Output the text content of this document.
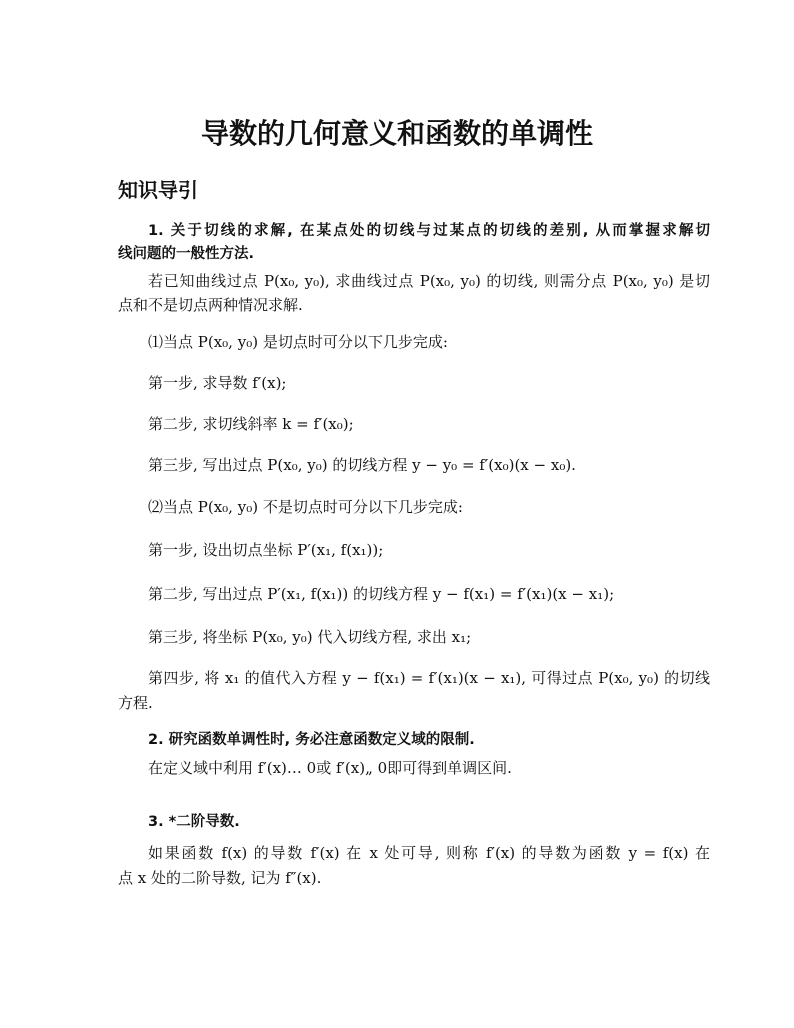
导数的几何意义和函数的单调性
知识导引

1. 关于切线的求解, 在某点处的切线与过某点的切线的差别, 从而掌握求解切

线问题的一般性方法.

若已知曲线过点 P(x₀, y₀), 求曲线过点 P(x₀, y₀) 的切线, 则需分点 P(x₀, y₀) 是切

点和不是切点两种情况求解.

⑴当点 P(x₀, y₀) 是切点时可分以下几步完成:

第一步, 求导数 f′(x);

第二步, 求切线斜率 k = f′(x₀);

第三步, 写出过点 P(x₀, y₀) 的切线方程 y − y₀ = f′(x₀)(x − x₀).

⑵当点 P(x₀, y₀) 不是切点时可分以下几步完成:

第一步, 设出切点坐标 P′(x₁, f(x₁));

第二步, 写出过点 P′(x₁, f(x₁)) 的切线方程 y − f(x₁) = f′(x₁)(x − x₁);

第三步, 将坐标 P(x₀, y₀) 代入切线方程, 求出 x₁;

第四步, 将 x₁ 的值代入方程 y − f(x₁) = f′(x₁)(x − x₁), 可得过点 P(x₀, y₀) 的切线

方程.

2. 研究函数单调性时, 务必注意函数定义域的限制.

在定义域中利用 f′(x)… 0或 f′(x)„ 0即可得到单调区间.

3. *二阶导数.

如果函数 f(x) 的导数 f′(x) 在 x 处可导, 则称 f′(x) 的导数为函数 y = f(x) 在

点 x 处的二阶导数, 记为 f″(x).
